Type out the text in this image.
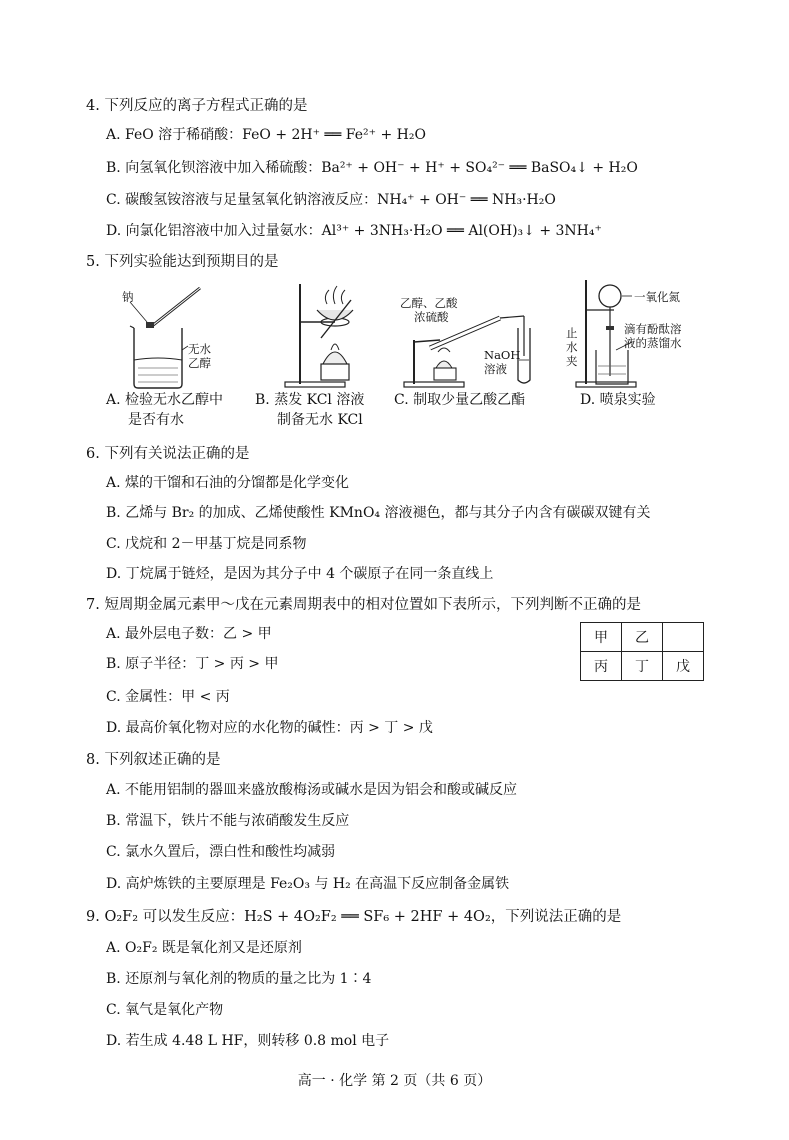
4. 下列反应的离子方程式正确的是
A. FeO 溶于稀硝酸：FeO + 2H⁺ ══ Fe²⁺ + H₂O
B. 向氢氧化钡溶液中加入稀硫酸：Ba²⁺ + OH⁻ + H⁺ + SO₄²⁻ ══ BaSO₄↓ + H₂O
C. 碳酸氢铵溶液与足量氢氧化钠溶液反应：NH₄⁺ + OH⁻ ══ NH₃·H₂O
D. 向氯化铝溶液中加入过量氨水：Al³⁺ + 3NH₃·H₂O ══ Al(OH)₃↓ + 3NH₄⁺
5. 下列实验能达到预期目的是
钠
无水
乙醇
A. 检验无水乙醇中
是否有水
B. 蒸发 KCl 溶液
制备无水 KCl
乙醇、乙酸
浓硫酸
NaOH
溶液
C. 制取少量乙酸乙酯
一氧化氮
滴有酚酞溶
液的蒸馏水
止
水
夹
D. 喷泉实验
6. 下列有关说法正确的是
A. 煤的干馏和石油的分馏都是化学变化
B. 乙烯与 Br₂ 的加成、乙烯使酸性 KMnO₄ 溶液褪色，都与其分子内含有碳碳双键有关
C. 戊烷和 2－甲基丁烷是同系物
D. 丁烷属于链烃，是因为其分子中 4 个碳原子在同一条直线上
7. 短周期金属元素甲～戊在元素周期表中的相对位置如下表所示，下列判断不正确的是
A. 最外层电子数：乙 > 甲
B. 原子半径：丁 > 丙 > 甲
C. 金属性：甲 < 丙
D. 最高价氧化物对应的水化物的碱性：丙 > 丁 > 戊
甲	乙	
丙	丁	戊
8. 下列叙述正确的是
A. 不能用铝制的器皿来盛放酸梅汤或碱水是因为铝会和酸或碱反应
B. 常温下，铁片不能与浓硝酸发生反应
C. 氯水久置后，漂白性和酸性均减弱
D. 高炉炼铁的主要原理是 Fe₂O₃ 与 H₂ 在高温下反应制备金属铁
9. O₂F₂ 可以发生反应：H₂S + 4O₂F₂ ══ SF₆ + 2HF + 4O₂，下列说法正确的是
A. O₂F₂ 既是氧化剂又是还原剂
B. 还原剂与氧化剂的物质的量之比为 1∶4
C. 氧气是氧化产物
D. 若生成 4.48 L HF，则转移 0.8 mol 电子
高一 · 化学 第 2 页（共 6 页）
